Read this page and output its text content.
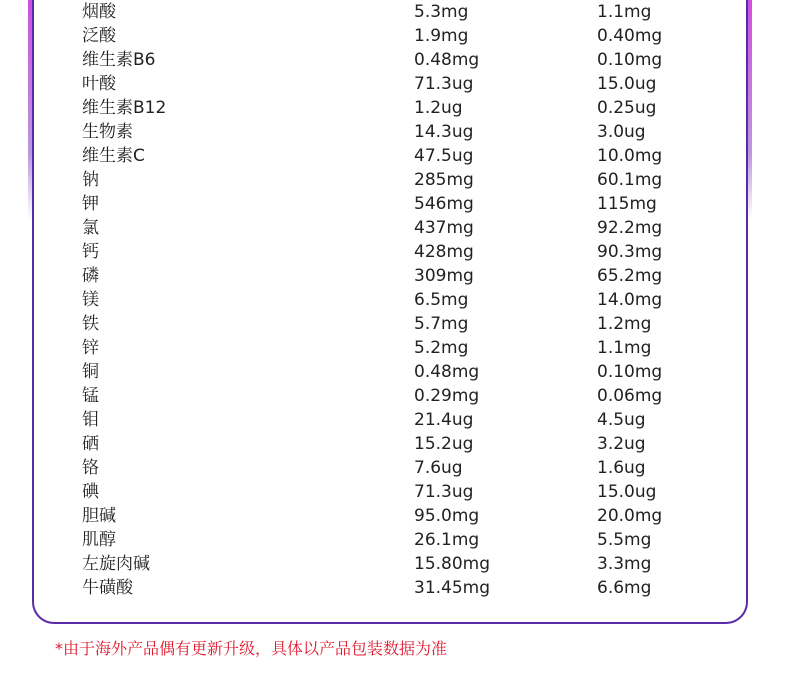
烟酸	5.3mg	1.1mg
泛酸	1.9mg	0.40mg
维生素B6	0.48mg	0.10mg
叶酸	71.3ug	15.0ug
维生素B12	1.2ug	0.25ug
生物素	14.3ug	3.0ug
维生素C	47.5ug	10.0mg
钠	285mg	60.1mg
钾	546mg	115mg
氯	437mg	92.2mg
钙	428mg	90.3mg
磷	309mg	65.2mg
镁	6.5mg	14.0mg
铁	5.7mg	1.2mg
锌	5.2mg	1.1mg
铜	0.48mg	0.10mg
锰	0.29mg	0.06mg
钼	21.4ug	4.5ug
硒	15.2ug	3.2ug
铬	7.6ug	1.6ug
碘	71.3ug	15.0ug
胆碱	95.0mg	20.0mg
肌醇	26.1mg	5.5mg
左旋肉碱	15.80mg	3.3mg
牛磺酸	31.45mg	6.6mg
*由于海外产品偶有更新升级，具体以产品包装数据为准
